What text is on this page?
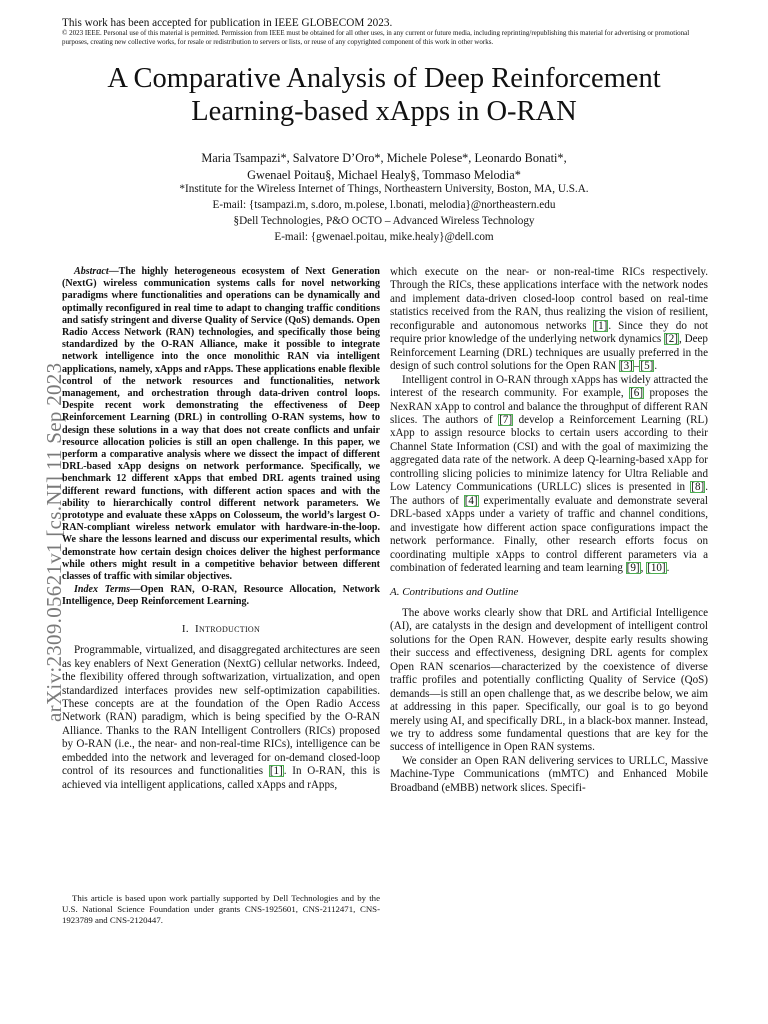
This work has been accepted for publication in IEEE GLOBECOM 2023.
© 2023 IEEE. Personal use of this material is permitted. Permission from IEEE must be obtained for all other uses, in any current or future media, including reprinting/republishing this material for advertising or promotional purposes, creating new collective works, for resale or redistribution to servers or lists, or reuse of any copyrighted component of this work in other works.
A Comparative Analysis of Deep Reinforcement
Learning-based xApps in O-RAN
Maria Tsampazi*, Salvatore D’Oro*, Michele Polese*, Leonardo Bonati*,
Gwenael Poitau§, Michael Healy§, Tommaso Melodia*
*Institute for the Wireless Internet of Things, Northeastern University, Boston, MA, U.S.A.
E-mail: {tsampazi.m, s.doro, m.polese, l.bonati, melodia}@northeastern.edu
§Dell Technologies, P&O OCTO – Advanced Wireless Technology
E-mail: {gwenael.poitau, mike.healy}@dell.com
arXiv:2309.05621v1 [cs.NI] 11 Sep 2023

Abstract—The highly heterogeneous ecosystem of Next Generation (NextG) wireless communication systems calls for novel networking paradigms where functionalities and operations can be dynamically and optimally reconfigured in real time to adapt to changing traffic conditions and satisfy stringent and diverse Quality of Service (QoS) demands. Open Radio Access Network (RAN) technologies, and specifically those being standardized by the O-RAN Alliance, make it possible to integrate network intelligence into the once monolithic RAN via intelligent applications, namely, xApps and rApps. These applications enable flexible control of the network resources and functionalities, network management, and orchestration through data-driven control loops. Despite recent work demonstrating the effectiveness of Deep Reinforcement Learning (DRL) in controlling O-RAN systems, how to design these solutions in a way that does not create conflicts and unfair resource allocation policies is still an open challenge. In this paper, we perform a comparative analysis where we dissect the impact of different DRL-based xApp designs on network performance. Specifically, we benchmark 12 different xApps that embed DRL agents trained using different reward functions, with different action spaces and with the ability to hierarchically control different network parameters. We prototype and evaluate these xApps on Colosseum, the world’s largest O-RAN-compliant wireless network emulator with hardware-in-the-loop. We share the lessons learned and discuss our experimental results, which demonstrate how certain design choices deliver the highest performance while others might result in a competitive behavior between different classes of traffic with similar objectives.

Index Terms—Open RAN, O-RAN, Resource Allocation, Network Intelligence, Deep Reinforcement Learning.

I. Introduction

Programmable, virtualized, and disaggregated architectures are seen as key enablers of Next Generation (NextG) cellular networks. Indeed, the flexibility offered through softwarization, virtualization, and open standardized interfaces provides new self-optimization capabilities. These concepts are at the foundation of the Open Radio Access Network (RAN) paradigm, which is being specified by the O-RAN Alliance. Thanks to the RAN Intelligent Controllers (RICs) proposed by O-RAN (i.e., the near- and non-real-time RICs), intelligence can be embedded into the network and leveraged for on-demand closed-loop control of its resources and functionalities [1]. In O-RAN, this is achieved via intelligent applications, called xApps and rApps,

This article is based upon work partially supported by Dell Technologies and by the U.S. National Science Foundation under grants CNS-1925601, CNS-2112471, CNS-1923789 and CNS-2120447.

which execute on the near- or non-real-time RICs respectively. Through the RICs, these applications interface with the network nodes and implement data-driven closed-loop control based on real-time statistics received from the RAN, thus realizing the vision of resilient, reconfigurable and autonomous networks [1]. Since they do not require prior knowledge of the underlying network dynamics [2], Deep Reinforcement Learning (DRL) techniques are usually preferred in the design of such control solutions for the Open RAN [3]–[5].

Intelligent control in O-RAN through xApps has widely attracted the interest of the research community. For example, [6] proposes the NexRAN xApp to control and balance the throughput of different RAN slices. The authors of [7] develop a Reinforcement Learning (RL) xApp to assign resource blocks to certain users according to their Channel State Information (CSI) and with the goal of maximizing the aggregated data rate of the network. A deep Q-learning-based xApp for controlling slicing policies to minimize latency for Ultra Reliable and Low Latency Communications (URLLC) slices is presented in [8]. The authors of [4] experimentally evaluate and demonstrate several DRL-based xApps under a variety of traffic and channel conditions, and investigate how different action space configurations impact the network performance. Finally, other research efforts focus on coordinating multiple xApps to control different parameters via a combination of federated learning and team learning [9], [10].

A. Contributions and Outline

The above works clearly show that DRL and Artificial Intelligence (AI), are catalysts in the design and development of intelligent control solutions for the Open RAN. However, despite early results showing their success and effectiveness, designing DRL agents for complex Open RAN scenarios—characterized by the coexistence of diverse traffic profiles and potentially conflicting Quality of Service (QoS) demands—is still an open challenge that, as we describe below, we aim at addressing in this paper. Specifically, our goal is to go beyond merely using AI, and specifically DRL, in a black-box manner. Instead, we try to address some fundamental questions that are key for the success of intelligence in Open RAN systems.

We consider an Open RAN delivering services to URLLC, Massive Machine-Type Communications (mMTC) and Enhanced Mobile Broadband (eMBB) network slices. Specifi-
